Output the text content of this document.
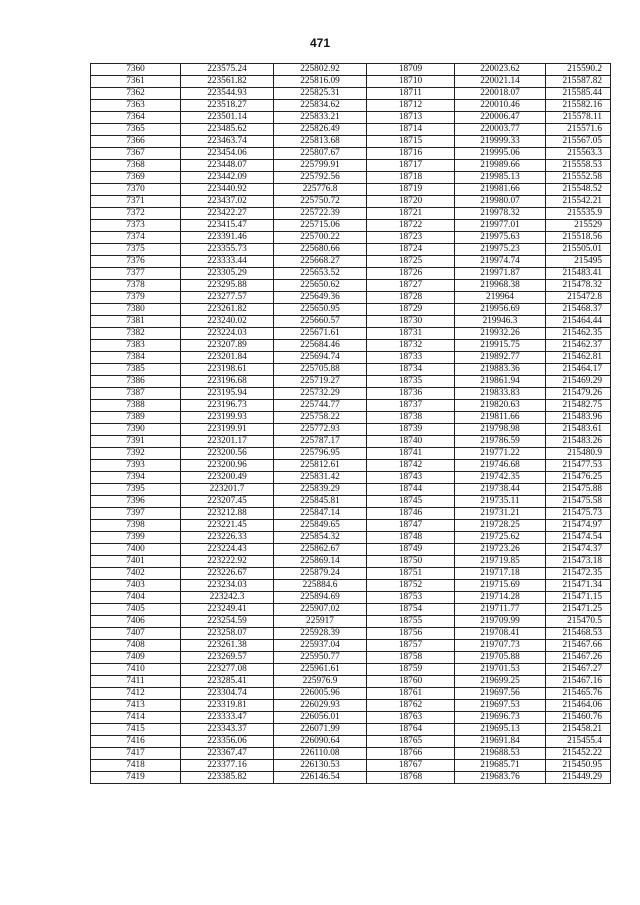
471
7360	223575.24	225802.92	18709	220023.62	215590.2
7361	223561.82	225816.09	18710	220021.14	215587.82
7362	223544.93	225825.31	18711	220018.07	215585.44
7363	223518.27	225834.62	18712	220010.46	215582.16
7364	223501.14	225833.21	18713	220006.47	215578.11
7365	223485.62	225826.49	18714	220003.77	215571.6
7366	223463.74	225813.68	18715	219999.33	215567.05
7367	223454.06	225807.67	18716	219995.06	215563.3
7368	223448.07	225799.91	18717	219989.66	215558.53
7369	223442.09	225792.56	18718	219985.13	215552.58
7370	223440.92	225776.8	18719	219981.66	215548.52
7371	223437.02	225750.72	18720	219980.07	215542.21
7372	223422.27	225722.39	18721	219978.32	215535.9
7373	223415.47	225715.06	18722	219977.01	215529
7374	223391.46	225700.22	18723	219975.63	215518.56
7375	223355.73	225680.66	18724	219975.23	215505.01
7376	223333.44	225668.27	18725	219974.74	215495
7377	223305.29	225653.52	18726	219971.87	215483.41
7378	223295.88	225650.62	18727	219968.38	215478.32
7379	223277.57	225649.36	18728	219964	215472.8
7380	223261.82	225650.95	18729	219956.69	215468.37
7381	223240.02	225660.57	18730	219946.3	215464.44
7382	223224.03	225671.61	18731	219932.26	215462.35
7383	223207.89	225684.46	18732	219915.75	215462.37
7384	223201.84	225694.74	18733	219892.77	215462.81
7385	223198.61	225705.88	18734	219883.36	215464.17
7386	223196.68	225719.27	18735	219861.94	215469.29
7387	223195.94	225732.29	18736	219833.83	215479.26
7388	223196.73	225744.77	18737	219820.63	215482.75
7389	223199.93	225758.22	18738	219811.66	215483.96
7390	223199.91	225772.93	18739	219798.98	215483.61
7391	223201.17	225787.17	18740	219786.59	215483.26
7392	223200.56	225796.95	18741	219771.22	215480.9
7393	223200.96	225812.61	18742	219746.68	215477.53
7394	223200.49	225831.42	18743	219742.35	215476.25
7395	223201.7	225839.29	18744	219738.44	215475.88
7396	223207.45	225845.81	18745	219735.11	215475.58
7397	223212.88	225847.14	18746	219731.21	215475.73
7398	223221.45	225849.65	18747	219728.25	215474.97
7399	223226.33	225854.32	18748	219725.62	215474.54
7400	223224.43	225862.67	18749	219723.26	215474.37
7401	223222.92	225869.14	18750	219719.85	215473.18
7402	223226.67	225879.24	18751	219717.18	215472.35
7403	223234.03	225884.6	18752	219715.69	215471.34
7404	223242.3	225894.69	18753	219714.28	215471.15
7405	223249.41	225907.02	18754	219711.77	215471.25
7406	223254.59	225917	18755	219709.99	215470.5
7407	223258.07	225928.39	18756	219708.41	215468.53
7408	223261.38	225937.04	18757	219707.73	215467.66
7409	223269.57	225950.77	18758	219705.88	215467.26
7410	223277.08	225961.61	18759	219701.53	215467.27
7411	223285.41	225976.9	18760	219699.25	215467.16
7412	223304.74	226005.96	18761	219697.56	215465.76
7413	223319.81	226029.93	18762	219697.53	215464.06
7414	223333.47	226056.01	18763	219696.73	215460.76
7415	223343.37	226071.99	18764	219695.13	215458.21
7416	223356.06	226090.64	18765	219691.84	215455.4
7417	223367.47	226110.08	18766	219688.53	215452.22
7418	223377.16	226130.53	18767	219685.71	215450.95
7419	223385.82	226146.54	18768	219683.76	215449.29
